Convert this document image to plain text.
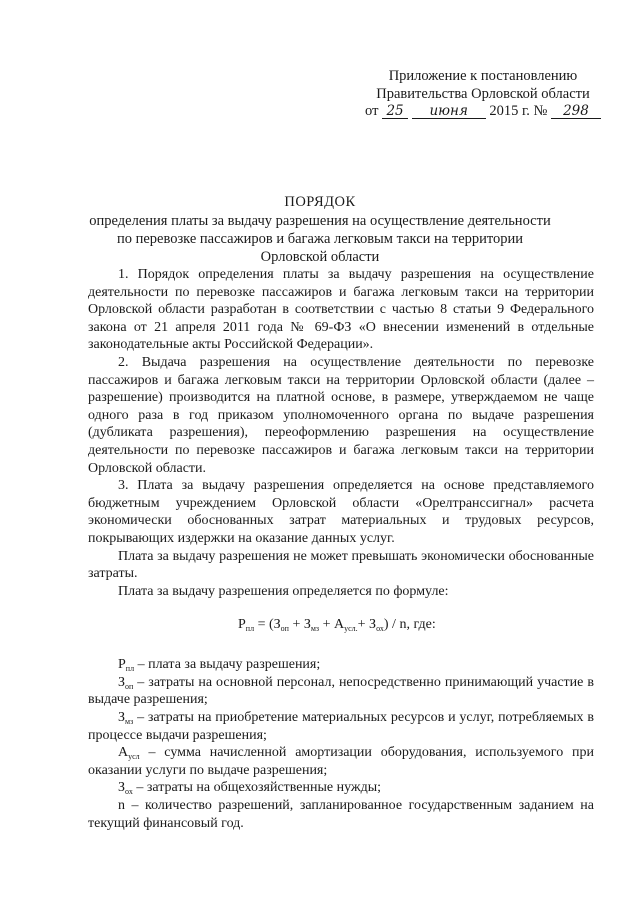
Приложение к постановлению
Правительства Орловской области
от 25 июня 2015 г. № 298
ПОРЯДОК
определения платы за выдачу разрешения на осуществление деятельности
по перевозке пассажиров и багажа легковым такси на территории
Орловской области

1. Порядок определения платы за выдачу разрешения на осуществление деятельности по перевозке пассажиров и багажа легковым такси на территории Орловской области разработан в соответствии с частью 8 статьи 9 Федерального закона от 21 апреля 2011 года № 69-ФЗ «О внесении изменений в отдельные законодательные акты Российской Федерации».

2. Выдача разрешения на осуществление деятельности по перевозке пассажиров и багажа легковым такси на территории Орловской области (далее – разрешение) производится на платной основе, в размере, утверждаемом не чаще одного раза в год приказом уполномоченного органа по выдаче разрешения (дубликата разрешения), переоформлению разрешения на осуществление деятельности по перевозке пассажиров и багажа легковым такси на территории Орловской области.

3. Плата за выдачу разрешения определяется на основе представляемого бюджетным учреждением Орловской области «Орелтранссигнал» расчета экономически обоснованных затрат материальных и трудовых ресурсов, покрывающих издержки на оказание данных услуг.

Плата за выдачу разрешения не может превышать экономически обоснованные затраты.

Плата за выдачу разрешения определяется по формуле:

$Р_{пл} = (З_{оп} + З_{мз} + А_{усл.}+ З_{ох}) / n$, где:

$Р_{пл}$ – плата за выдачу разрешения;

$З_{оп}$ – затраты на основной персонал, непосредственно принимающий участие в выдаче разрешения;

$З_{мз}$ – затраты на приобретение материальных ресурсов и услуг, потребляемых в процессе выдачи разрешения;

$А_{усл}$ – сумма начисленной амортизации оборудования, используемого при оказании услуги по выдаче разрешения;

$З_{ох}$ – затраты на общехозяйственные нужды;

n – количество разрешений, запланированное государственным заданием на текущий финансовый год.
